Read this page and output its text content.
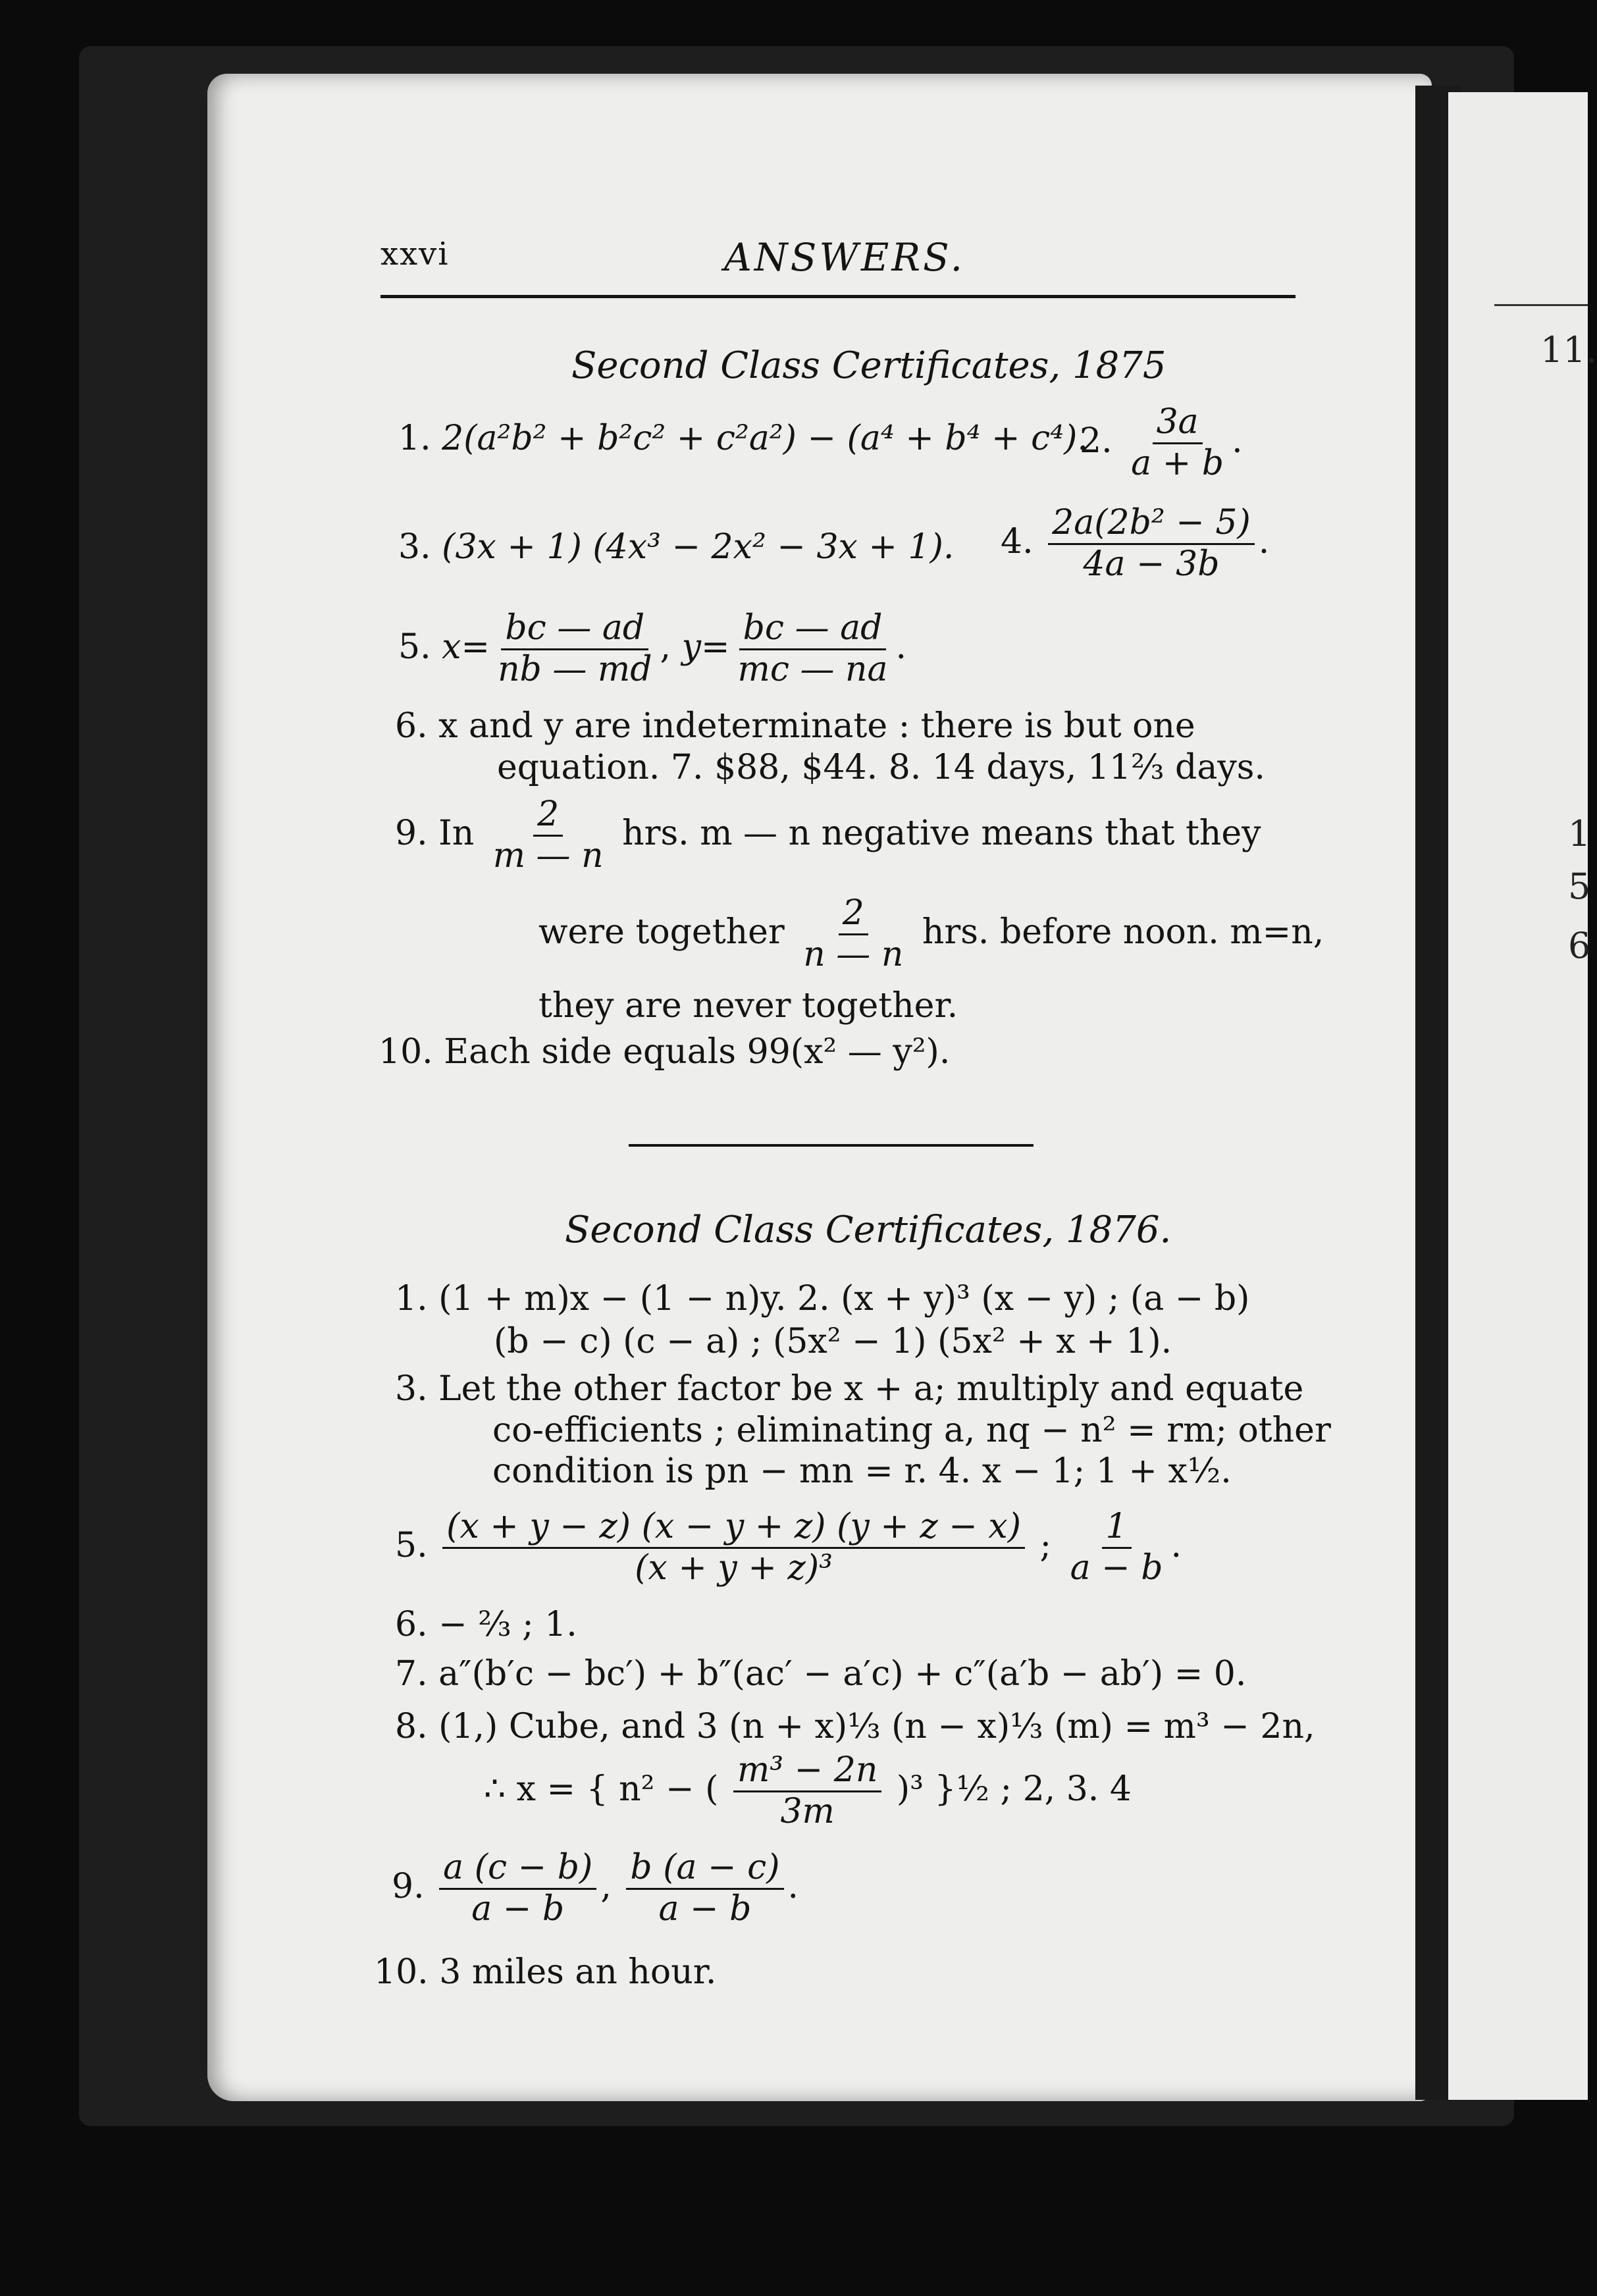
11.
1
5
6
xxvi	ANSWERS.
Second Class Certificates, 1875
1. 2(a²b² + b²c² + c²a²) − (a⁴ + b⁴ + c⁴).
2. $\frac{3a}{a + b}$ .
3. (3x + 1) (4x³ − 2x² − 3x + 1). 4. $\frac{\text{2a(2b² − 5)}}{4a - 3b}$ .
5. $x= \frac{bc — ad}{nb — md}$ , $y= \frac{bc — ad}{mc — na}$ .
6. x and y are indeterminate : there is but one
equation. 7. $88, $44. 8. 14 days, 11⅔ days.
9. In $\frac{2}{m — n}$ hrs. m — n negative means that they
were together $\frac{2}{n — n}$ hrs. before noon. m=n,
they are never together.
10. Each side equals 99(x² — y²).
Second Class Certificates, 1876.
1. (1 + m)x − (1 − n)y. 2. (x + y)³ (x − y) ; (a − b)
(b − c) (c − a) ; (5x² − 1) (5x² + x + 1).
3. Let the other factor be x + a; multiply and equate
co-efficients ; eliminating a, nq − n² = rm; other
condition is pn − mn = r. 4. x − 1; 1 + x½.
5. $\frac{(x + y - z) (x - y + z) (y + z - x)}{\text{(x + y + z)³}}$ ; $\frac{1}{a - b}$ .
6. − ⅔ ; 1.
7. a″(b′c − bc′) + b″(ac′ − a′c) + c″(a′b − ab′) = 0.
8. (1,) Cube, and 3 (n + x)⅓ (n − x)⅓ (m) = m³ − 2n,
∴ x = { n² − ( $\frac{\text{m³ − 2n}}{3m} )^3$ }½ ; 2, 3. 4
9. $\frac{a (c - b)}{a - b}$ , $\frac{b (a - c)}{a - b}$ .
10. 3 miles an hour.
